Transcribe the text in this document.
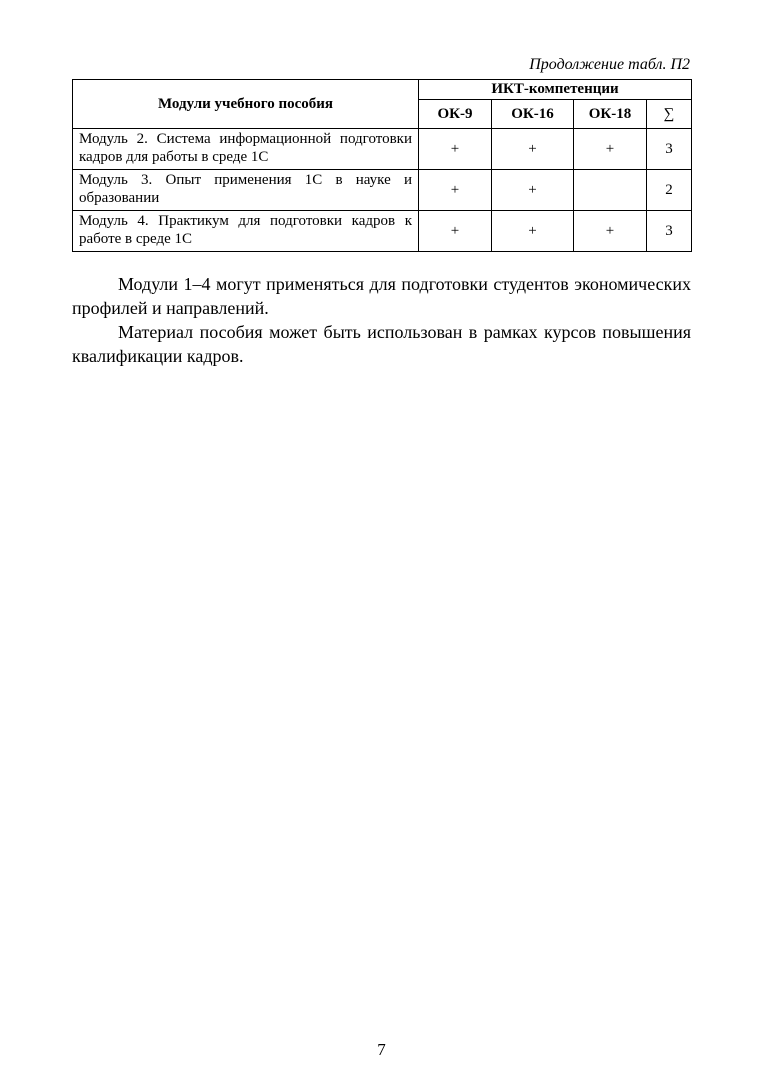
Продолжение табл. П2
Модули учебного пособия	ИКТ-компетенции			
	ОК-9	ОК-16	ОК-18	∑
Модуль 2. Система информационной подготовки кадров для работы в среде 1С	+	+	+	3
Модуль 3. Опыт применения 1С в науке и образовании	+	+		2
Модуль 4. Практикум для подготовки кадров к работе в среде 1С	+	+	+	3

Модули 1–4 могут применяться для подготовки студентов экономических профилей и направлений.

Материал пособия может быть использован в рамках курсов повышения квалификации кадров.

7
